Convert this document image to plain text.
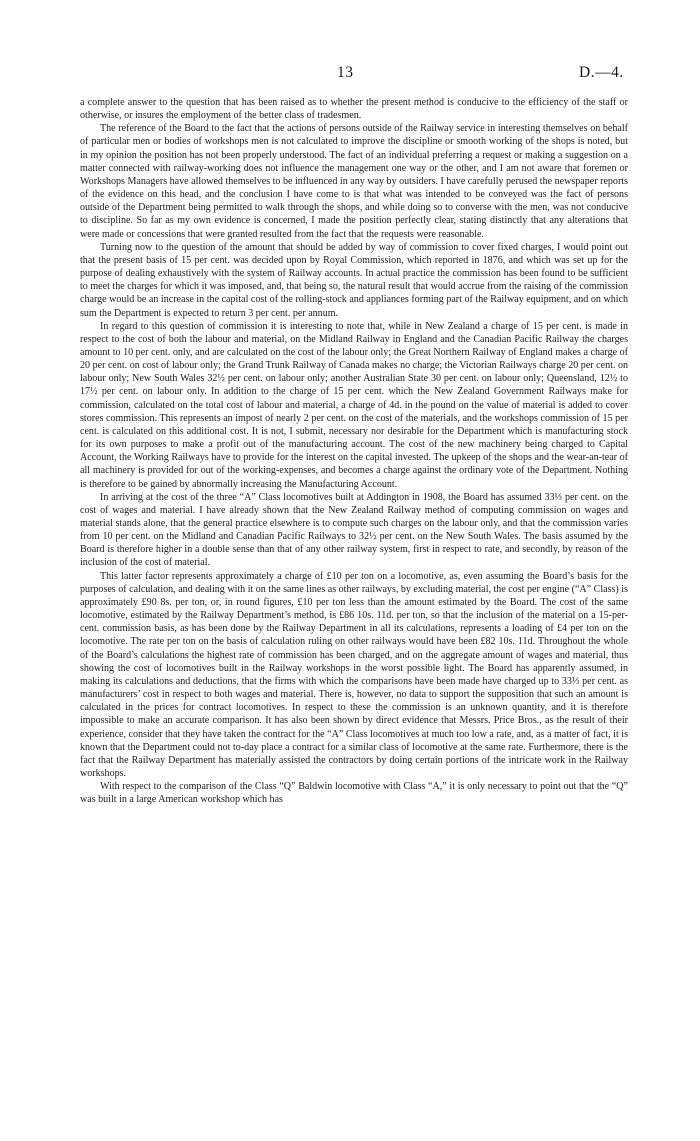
13	D.—4.

a complete answer to the question that has been raised as to whether the present method is conducive to the efficiency of the staff or otherwise, or insures the employment of the better class of tradesmen.

The reference of the Board to the fact that the actions of persons outside of the Railway service in interesting themselves on behalf of particular men or bodies of workshops men is not calculated to improve the discipline or smooth working of the shops is noted, but in my opinion the position has not been properly understood. The fact of an individual preferring a request or making a suggestion on a matter connected with railway-working does not influence the management one way or the other, and I am not aware that foremen or Workshops Managers have allowed themselves to be influenced in any way by outsiders. I have carefully perused the newspaper reports of the evidence on this head, and the conclusion I have come to is that what was intended to be conveyed was the fact of persons outside of the Department being permitted to walk through the shops, and while doing so to converse with the men, was not conducive to discipline. So far as my own evidence is concerned, I made the position perfectly clear, stating distinctly that any alterations that were made or concessions that were granted resulted from the fact that the requests were reasonable.

Turning now to the question of the amount that should be added by way of commission to cover fixed charges, I would point out that the present basis of 15 per cent. was decided upon by Royal Commission, which reported in 1876, and which was set up for the purpose of dealing exhaustively with the system of Railway accounts. In actual practice the commission has been found to be sufficient to meet the charges for which it was imposed, and, that being so, the natural result that would accrue from the raising of the commission charge would be an increase in the capital cost of the rolling-stock and appliances forming part of the Railway equipment, and on which sum the Department is expected to return 3 per cent. per annum.

In regard to this question of commission it is interesting to note that, while in New Zealand a charge of 15 per cent. is made in respect to the cost of both the labour and material, on the Midland Railway in England and the Canadian Pacific Railway the charges amount to 10 per cent. only, and are calculated on the cost of the labour only; the Great Northern Railway of England makes a charge of 20 per cent. on cost of labour only; the Grand Trunk Railway of Canada makes no charge; the Victorian Railways charge 20 per cent. on labour only; New South Wales 32½ per cent. on labour only; another Australian State 30 per cent. on labour only; Queensland, 12½ to 17½ per cent. on labour only. In addition to the charge of 15 per cent. which the New Zealand Government Railways make for commission, calculated on the total cost of labour and material, a charge of 4d. in the pound on the value of material is added to cover stores commission. This represents an impost of nearly 2 per cent. on the cost of the materials, and the workshops commission of 15 per cent. is calculated on this additional cost. It is not, I submit, necessary nor desirable for the Department which is manufacturing stock for its own purposes to make a profit out of the manufacturing account. The cost of the new machinery being charged to Capital Account, the Working Railways have to provide for the interest on the capital invested. The upkeep of the shops and the wear-an-tear of all machinery is provided for out of the working-expenses, and becomes a charge against the ordinary vote of the Department. Nothing is therefore to be gained by abnormally increasing the Manufacturing Account.

In arriving at the cost of the three “A” Class locomotives built at Addington in 1908, the Board has assumed 33⅓ per cent. on the cost of wages and material. I have already shown that the New Zealand Railway method of computing commission on wages and material stands alone, that the general practice elsewhere is to compute such charges on the labour only, and that the commission varies from 10 per cent. on the Midland and Canadian Pacific Railways to 32½ per cent. on the New South Wales. The basis assumed by the Board is therefore higher in a double sense than that of any other railway system, first in respect to rate, and secondly, by reason of the inclusion of the cost of material.

This latter factor represents approximately a charge of £10 per ton on a locomotive, as, even assuming the Board’s basis for the purposes of calculation, and dealing with it on the same lines as other railways, by excluding material, the cost per engine (“A” Class) is approximately £90 8s. per ton, or, in round figures, £10 per ton less than the amount estimated by the Board. The cost of the same locomotive, estimated by the Railway Department’s method, is £86 10s. 11d. per ton, so that the inclusion of the material on a 15-per-cent. commission basis, as has been done by the Railway Department in all its calculations, represents a loading of £4 per ton on the locomotive. The rate per ton on the basis of calculation ruling on other railways would have been £82 10s. 11d. Throughout the whole of the Board’s calculations the highest rate of commission has been charged, and on the aggregate amount of wages and material, thus showing the cost of locomotives built in the Railway workshops in the worst possible light. The Board has apparently assumed, in making its calculations and deductions, that the firms with which the comparisons have been made have charged up to 33⅓ per cent. as manufacturers’ cost in respect to both wages and material. There is, however, no data to support the supposition that such an amount is calculated in the prices for contract locomotives. In respect to these the commission is an unknown quantity, and it is therefore impossible to make an accurate comparison. It has also been shown by direct evidence that Messrs. Price Bros., as the result of their experience, consider that they have taken the contract for the “A” Class locomotives at much too low a rate, and, as a matter of fact, it is known that the Department could not to-day place a contract for a similar class of locomotive at the same rate. Furthermore, there is the fact that the Railway Department has materially assisted the contractors by doing certain portions of the intricate work in the Railway workshops.

With respect to the comparison of the Class “Q” Baldwin locomotive with Class “A,” it is only necessary to point out that the “Q” was built in a large American workshop which has
